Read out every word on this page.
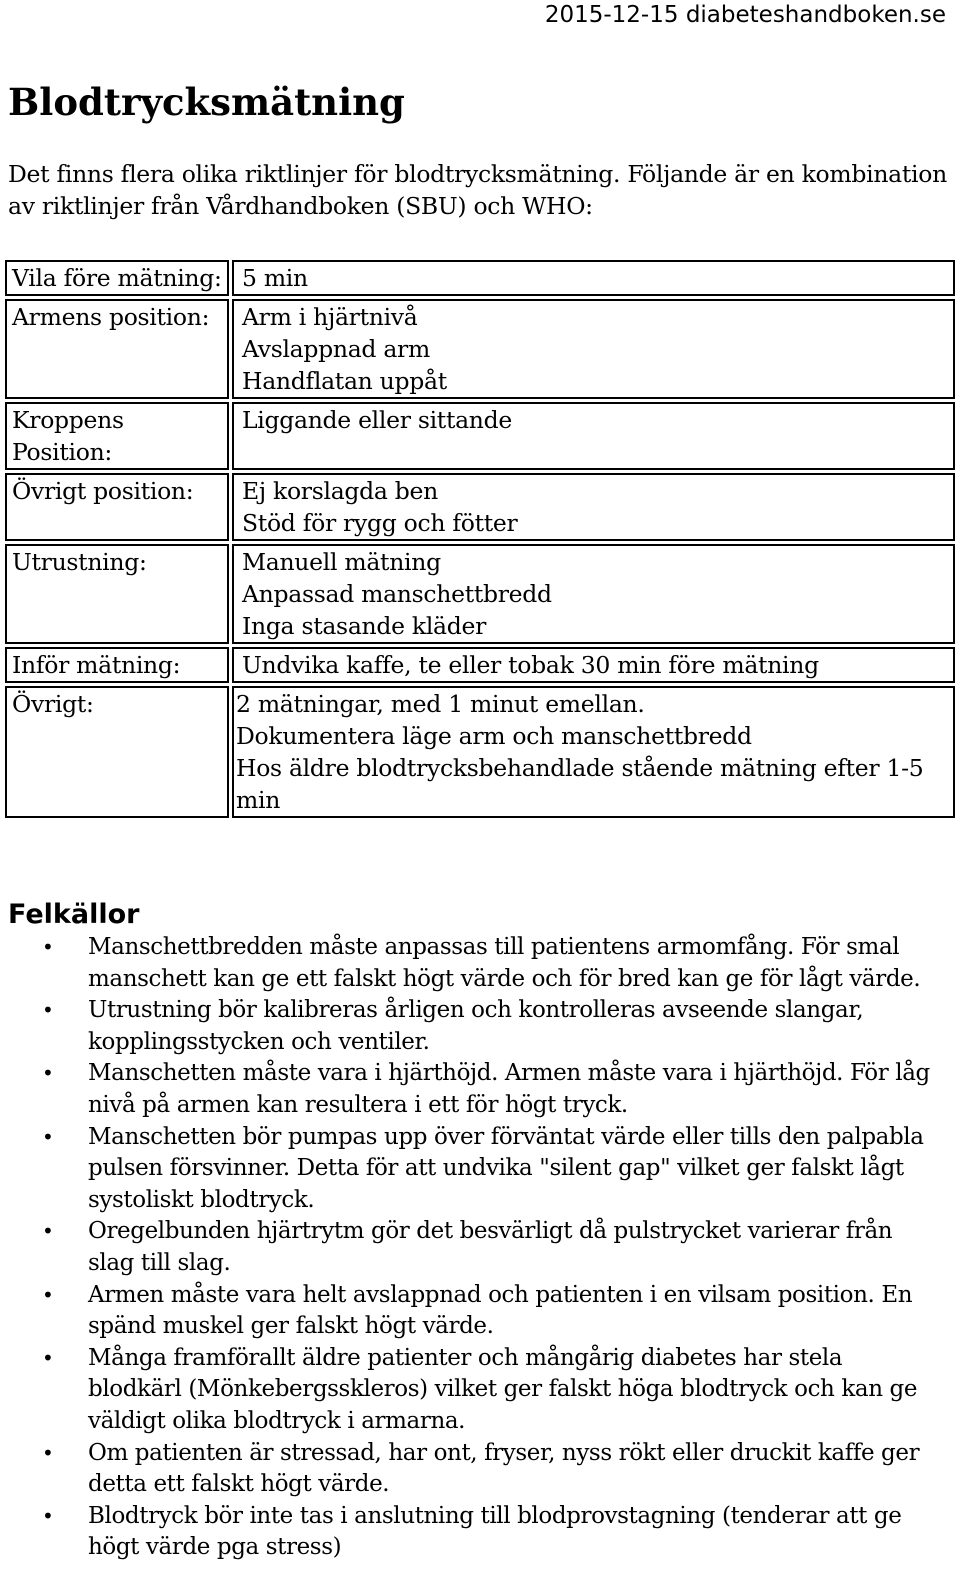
2015-12-15 diabeteshandboken.se
Blodtrycksmätning

Det finns flera olika riktlinjer för blodtrycksmätning. Följande är en kombination av riktlinjer från Vårdhandboken (SBU) och WHO:

Vila före mätning:	5 min

Armens position:	Arm i hjärtnivå
Avslappnad arm
Handflatan uppåt

Kroppens Position:	Liggande eller sittande

Övrigt position:	Ej korslagda ben
Stöd för rygg och fötter

Utrustning:	Manuell mätning
Anpassad manschettbredd
Inga stasande kläder

Inför mätning:	Undvika kaffe, te eller tobak 30 min före mätning

Övrigt:	2 mätningar, med 1 minut emellan.
Dokumentera läge arm och manschettbredd
Hos äldre blodtrycksbehandlade stående mätning efter 1-5 min
Felkällor
• Manschettbredden måste anpassas till patientens armomfång. För smal manschett kan ge ett falskt högt värde och för bred kan ge för lågt värde.
• Utrustning bör kalibreras årligen och kontrolleras avseende slangar, kopplingsstycken och ventiler.
• Manschetten måste vara i hjärthöjd. Armen måste vara i hjärthöjd. För låg nivå på armen kan resultera i ett för högt tryck.
• Manschetten bör pumpas upp över förväntat värde eller tills den palpabla pulsen försvinner. Detta för att undvika "silent gap" vilket ger falskt lågt systoliskt blodtryck.
• Oregelbunden hjärtrytm gör det besvärligt då pulstrycket varierar från slag till slag.
• Armen måste vara helt avslappnad och patienten i en vilsam position. En spänd muskel ger falskt högt värde.
• Många framförallt äldre patienter och mångårig diabetes har stela blodkärl (Mönkebergsskleros) vilket ger falskt höga blodtryck och kan ge väldigt olika blodtryck i armarna.
• Om patienten är stressad, har ont, fryser, nyss rökt eller druckit kaffe ger detta ett falskt högt värde.
• Blodtryck bör inte tas i anslutning till blodprovstagning (tenderar att ge högt värde pga stress)
